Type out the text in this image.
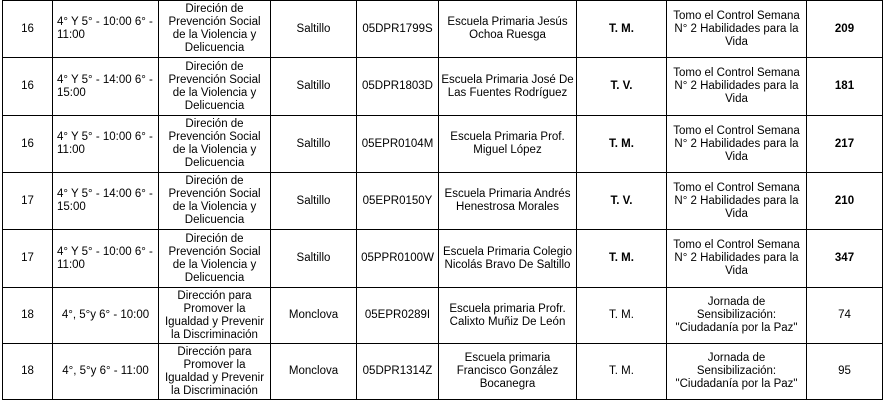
16	4° Y 5° - 10:00 6° - 11:00	Direción de Prevención Social de la Violencia y Delicuencia	Saltillo	05DPR1799S	Escuela Primaria Jesús Ochoa Ruesga	T. M.	Tomo el Control Semana N° 2 Habilidades para la Vida	209
16	4° Y 5° - 14:00 6° - 15:00	Direción de Prevención Social de la Violencia y Delicuencia	Saltillo	05DPR1803D	Escuela Primaria José De Las Fuentes Rodríguez	T. V.	Tomo el Control Semana N° 2 Habilidades para la Vida	181
16	4° Y 5° - 10:00 6° - 11:00	Direción de Prevención Social de la Violencia y Delicuencia	Saltillo	05EPR0104M	Escuela Primaria Prof. Miguel López	T. M.	Tomo el Control Semana N° 2 Habilidades para la Vida	217
17	4° Y 5° - 14:00 6° - 15:00	Direción de Prevención Social de la Violencia y Delicuencia	Saltillo	05EPR0150Y	Escuela Primaria Andrés Henestrosa Morales	T. V.	Tomo el Control Semana N° 2 Habilidades para la Vida	210
17	4° Y 5° - 10:00 6° - 11:00	Direción de Prevención Social de la Violencia y Delicuencia	Saltillo	05PPR0100W	Escuela Primaria Colegio Nicolás Bravo De Saltillo	T. M.	Tomo el Control Semana N° 2 Habilidades para la Vida	347
18	4°, 5°y 6° - 10:00	Dirección para Promover la Igualdad y Prevenir la Discriminación	Monclova	05EPR0289I	Escuela primaria Profr. Calixto Muñiz De León	T. M.	Jornada de Sensibilización: "Ciudadanía por la Paz"	74
18	4°, 5°y 6° - 11:00	Dirección para Promover la Igualdad y Prevenir la Discriminación	Monclova	05DPR1314Z	Escuela primaria Francisco González Bocanegra	T. M.	Jornada de Sensibilización: "Ciudadanía por la Paz"	95
